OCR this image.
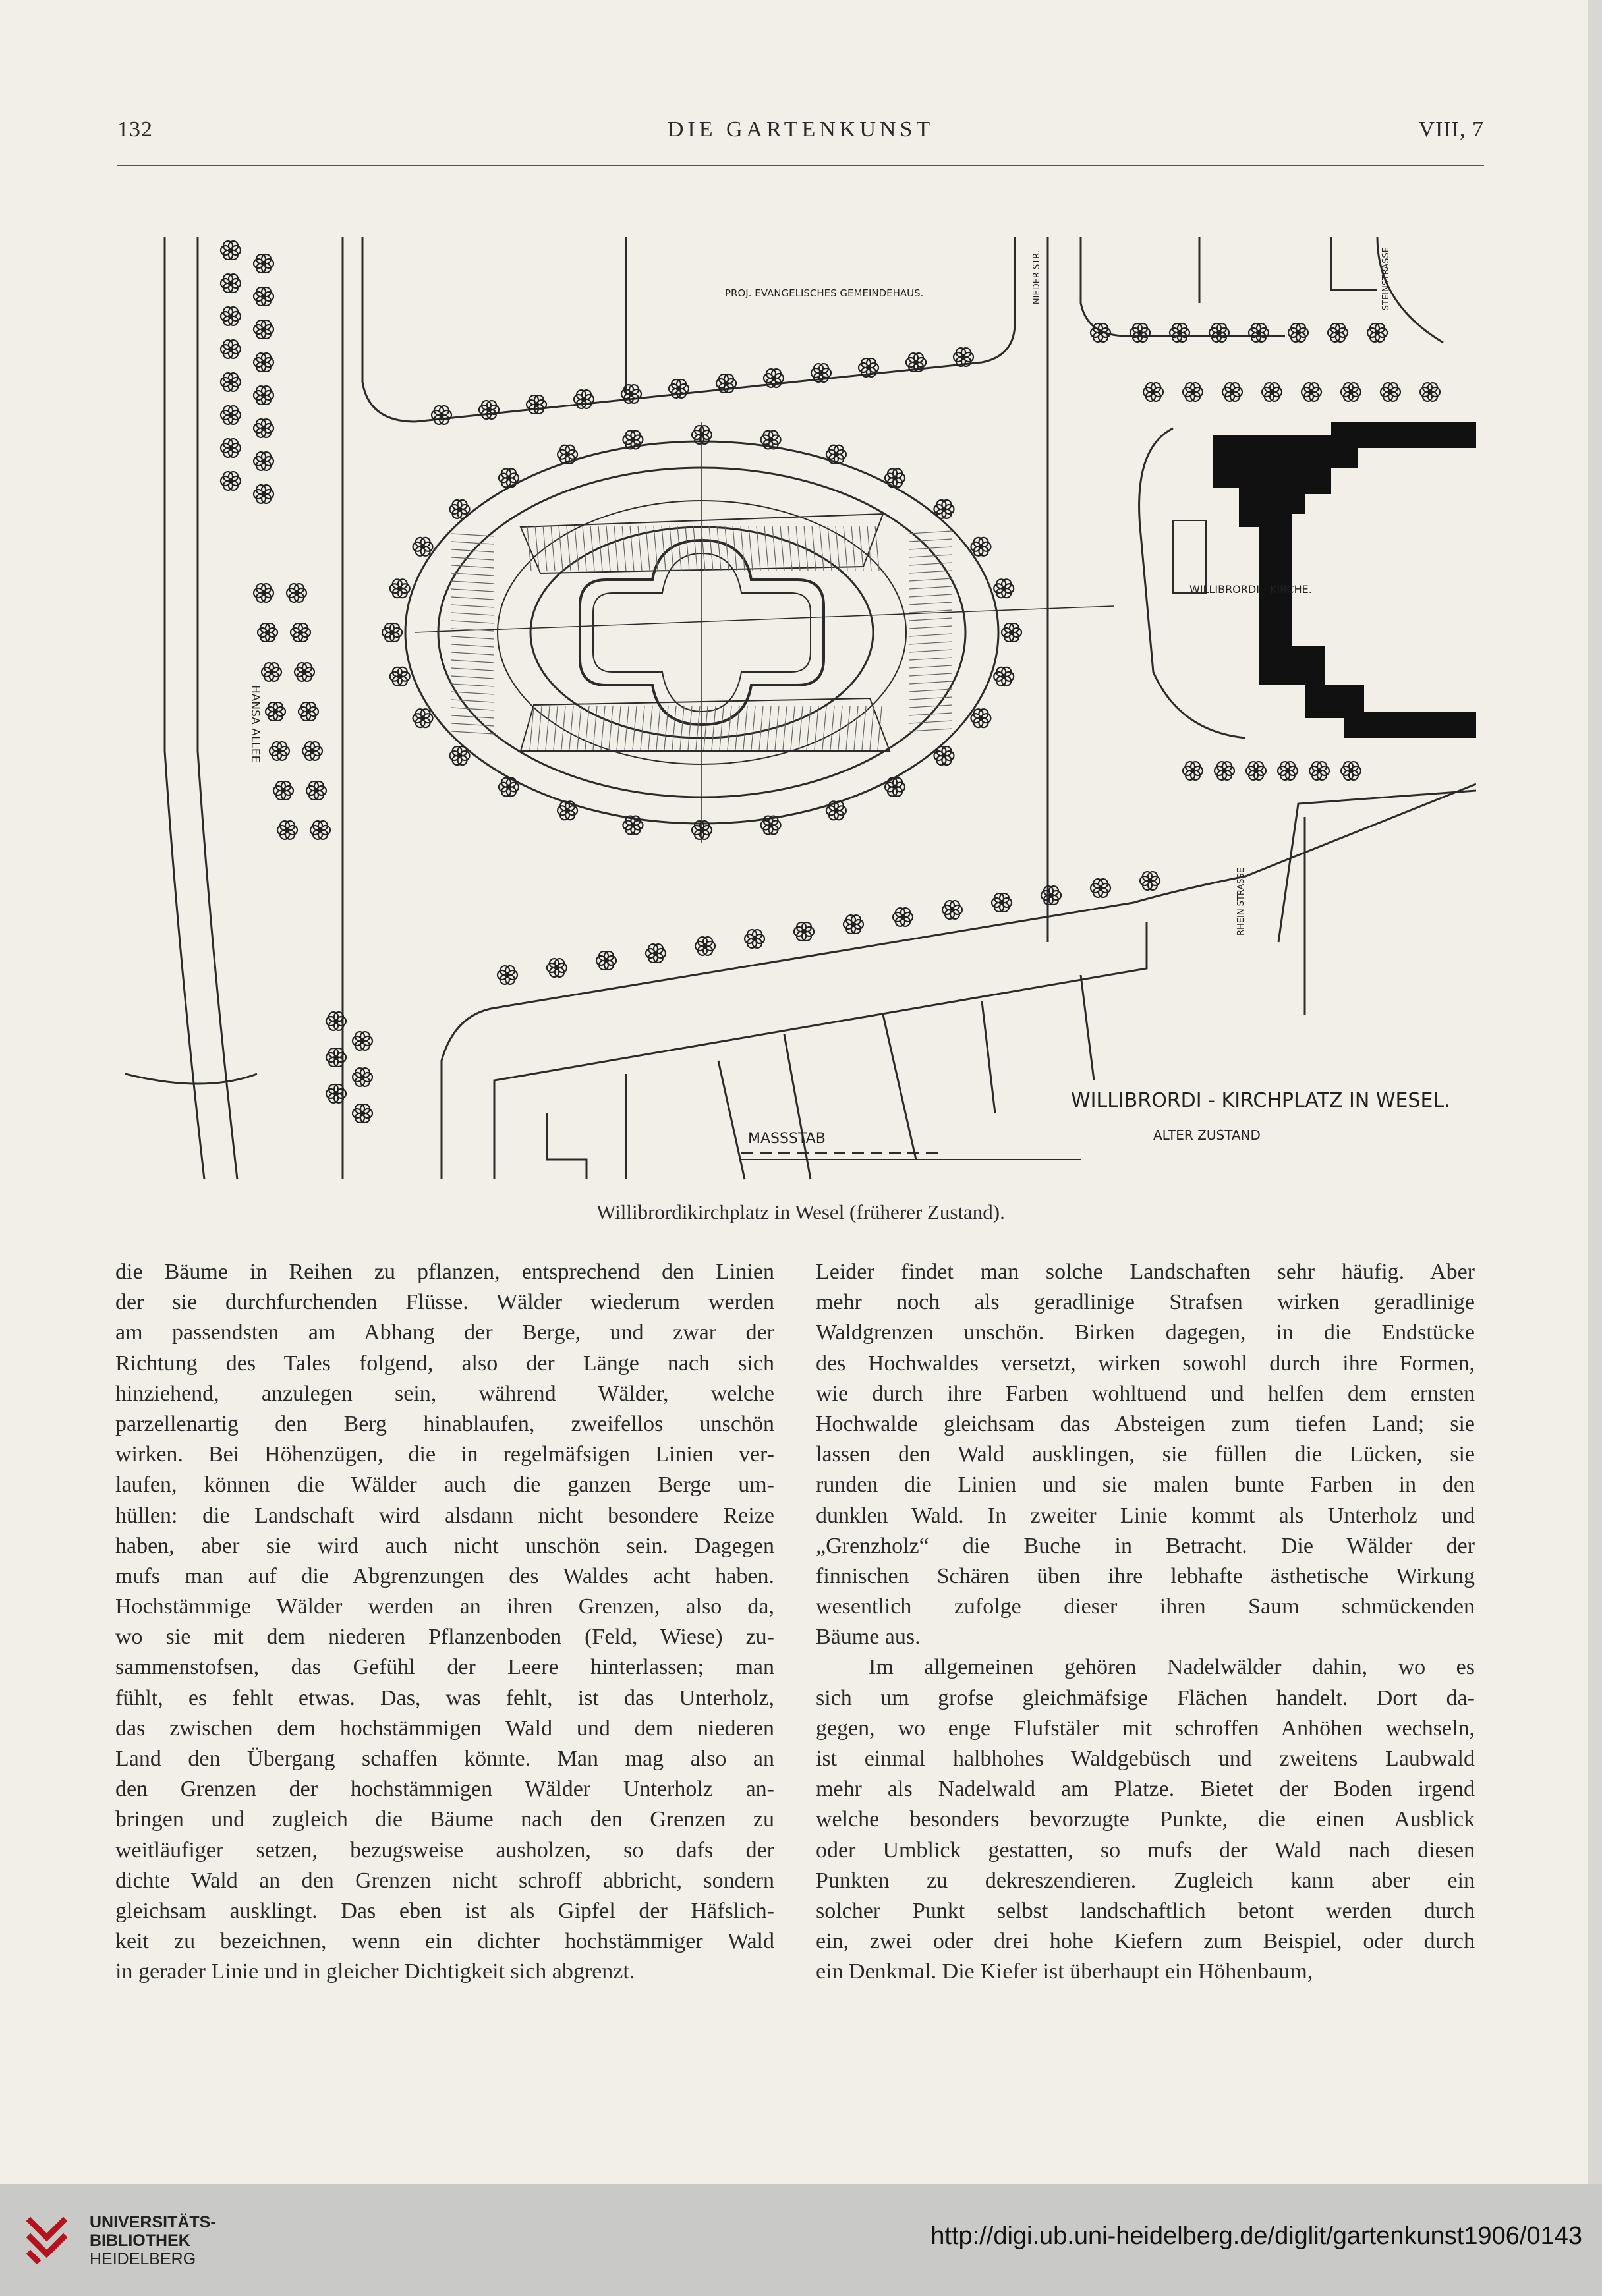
132	DIE GARTENKUNST	VIII, 7
PROJ. EVANGELISCHES GEMEINDEHAUS.
WILLIBRORDI - KIRCHE.
HANSA ALLEE
NIEDER STR.	STEINSTRASSE
RHEIN STRASSE
WILLIBRORDI - KIRCHPLATZ IN WESEL.
ALTER ZUSTAND
MASSSTAB
Willibrordikirchplatz in Wesel (früherer Zustand).
die Bäume in Reihen zu pflanzen, entsprechend den Linien
der sie durchfurchenden Flüsse. Wälder wiederum werden
am passendsten am Abhang der Berge, und zwar der
Richtung des Tales folgend, also der Länge nach sich
hinziehend, anzulegen sein, während Wälder, welche
parzellenartig den Berg hinablaufen, zweifellos unschön
wirken. Bei Höhenzügen, die in regelmäfsigen Linien ver-
laufen, können die Wälder auch die ganzen Berge um-
hüllen: die Landschaft wird alsdann nicht besondere Reize
haben, aber sie wird auch nicht unschön sein. Dagegen
mufs man auf die Abgrenzungen des Waldes acht haben.
Hochstämmige Wälder werden an ihren Grenzen, also da,
wo sie mit dem niederen Pflanzenboden (Feld, Wiese) zu-
sammenstofsen, das Gefühl der Leere hinterlassen; man
fühlt, es fehlt etwas. Das, was fehlt, ist das Unterholz,
das zwischen dem hochstämmigen Wald und dem niederen
Land den Übergang schaffen könnte. Man mag also an
den Grenzen der hochstämmigen Wälder Unterholz an-
bringen und zugleich die Bäume nach den Grenzen zu
weitläufiger setzen, bezugsweise ausholzen, so dafs der
dichte Wald an den Grenzen nicht schroff abbricht, sondern
gleichsam ausklingt. Das eben ist als Gipfel der Häfslich-
keit zu bezeichnen, wenn ein dichter hochstämmiger Wald
in gerader Linie und in gleicher Dichtigkeit sich abgrenzt.
Leider findet man solche Landschaften sehr häufig. Aber
mehr noch als geradlinige Strafsen wirken geradlinige
Waldgrenzen unschön. Birken dagegen, in die Endstücke
des Hochwaldes versetzt, wirken sowohl durch ihre Formen,
wie durch ihre Farben wohltuend und helfen dem ernsten
Hochwalde gleichsam das Absteigen zum tiefen Land; sie
lassen den Wald ausklingen, sie füllen die Lücken, sie
runden die Linien und sie malen bunte Farben in den
dunklen Wald. In zweiter Linie kommt als Unterholz und
„Grenzholz“ die Buche in Betracht. Die Wälder der
finnischen Schären üben ihre lebhafte ästhetische Wirkung
wesentlich zufolge dieser ihren Saum schmückenden
Bäume aus.
Im allgemeinen gehören Nadelwälder dahin, wo es
sich um grofse gleichmäfsige Flächen handelt. Dort da-
gegen, wo enge Flufstäler mit schroffen Anhöhen wechseln,
ist einmal halbhohes Waldgebüsch und zweitens Laubwald
mehr als Nadelwald am Platze. Bietet der Boden irgend
welche besonders bevorzugte Punkte, die einen Ausblick
oder Umblick gestatten, so mufs der Wald nach diesen
Punkten zu dekreszendieren. Zugleich kann aber ein
solcher Punkt selbst landschaftlich betont werden durch
ein, zwei oder drei hohe Kiefern zum Beispiel, oder durch
ein Denkmal. Die Kiefer ist überhaupt ein Höhenbaum,
UNIVERSITÄTS-
BIBLIOTHEK
HEIDELBERG
http://digi.ub.uni-heidelberg.de/diglit/gartenkunst1906/0143
